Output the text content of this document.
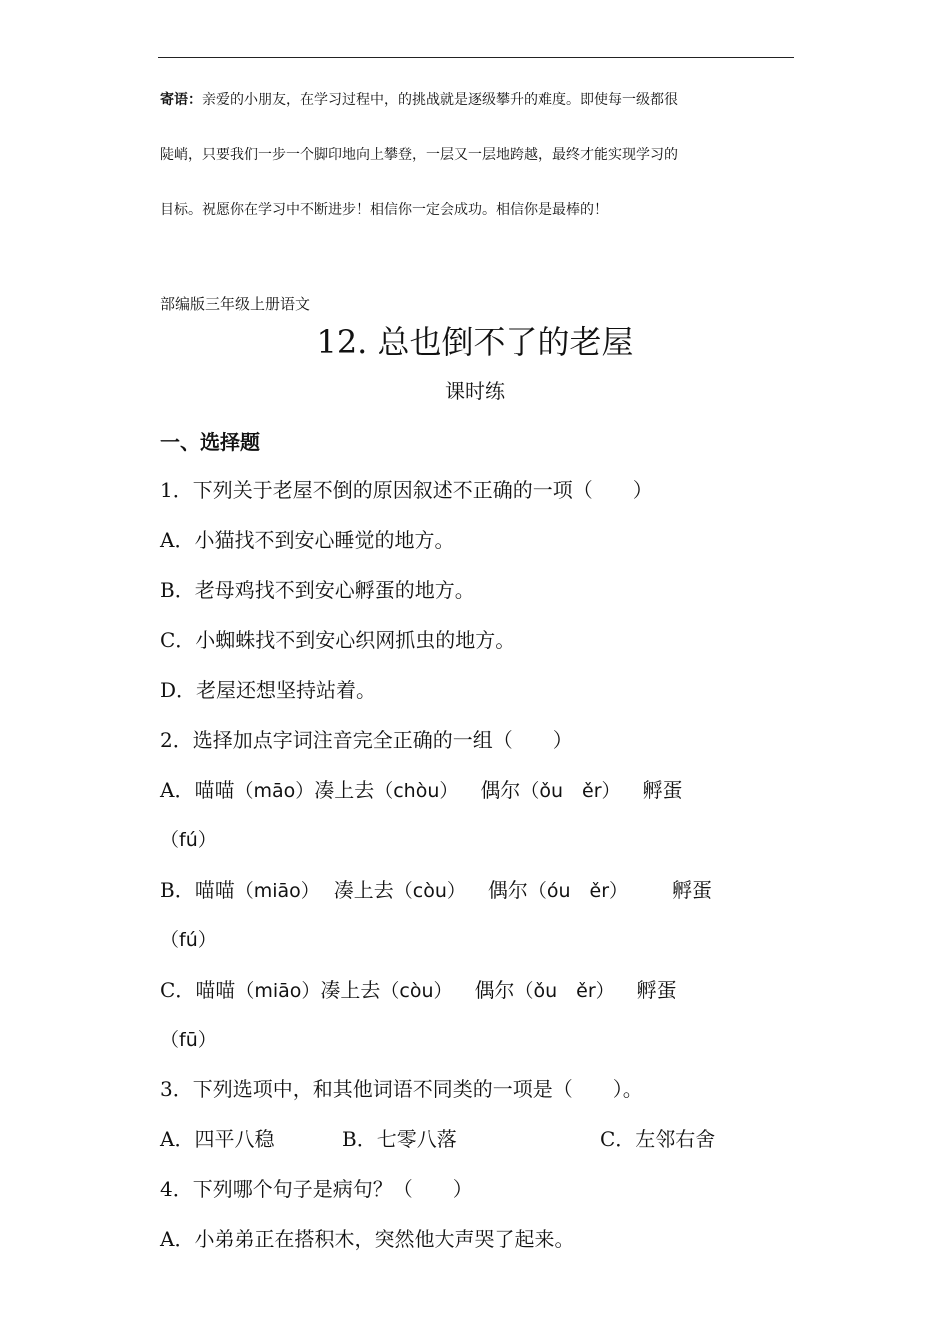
寄语：亲爱的小朋友，在学习过程中，的挑战就是逐级攀升的难度。即使每一级都很
陡峭，只要我们一步一个脚印地向上攀登，一层又一层地跨越，最终才能实现学习的
目标。祝愿你在学习中不断进步！相信你一定会成功。相信你是最棒的！
部编版三年级上册语文
12. 总也倒不了的老屋
课时练
一、选择题
1．下列关于老屋不倒的原因叙述不正确的一项（　　）
A．小猫找不到安心睡觉的地方。
B．老母鸡找不到安心孵蛋的地方。
C．小蜘蛛找不到安心织网抓虫的地方。
D．老屋还想坚持站着。
2．选择加点字词注音完全正确的一组（　　）
A．喵喵（māo）凑上去（chòu） 偶尔（ǒu　ěr） 孵蛋
（fú）
B．喵喵（miāo） 凑上去（còu） 偶尔（óu　ěr） 孵蛋
（fú）
C．喵喵（miāo）凑上去（còu） 偶尔（ǒu　ěr） 孵蛋
（fū）
3．下列选项中，和其他词语不同类的一项是（　　）。
A．四平八稳	B．七零八落	C．左邻右舍
4．下列哪个句子是病句？（　　）
A．小弟弟正在搭积木，突然他大声哭了起来。
